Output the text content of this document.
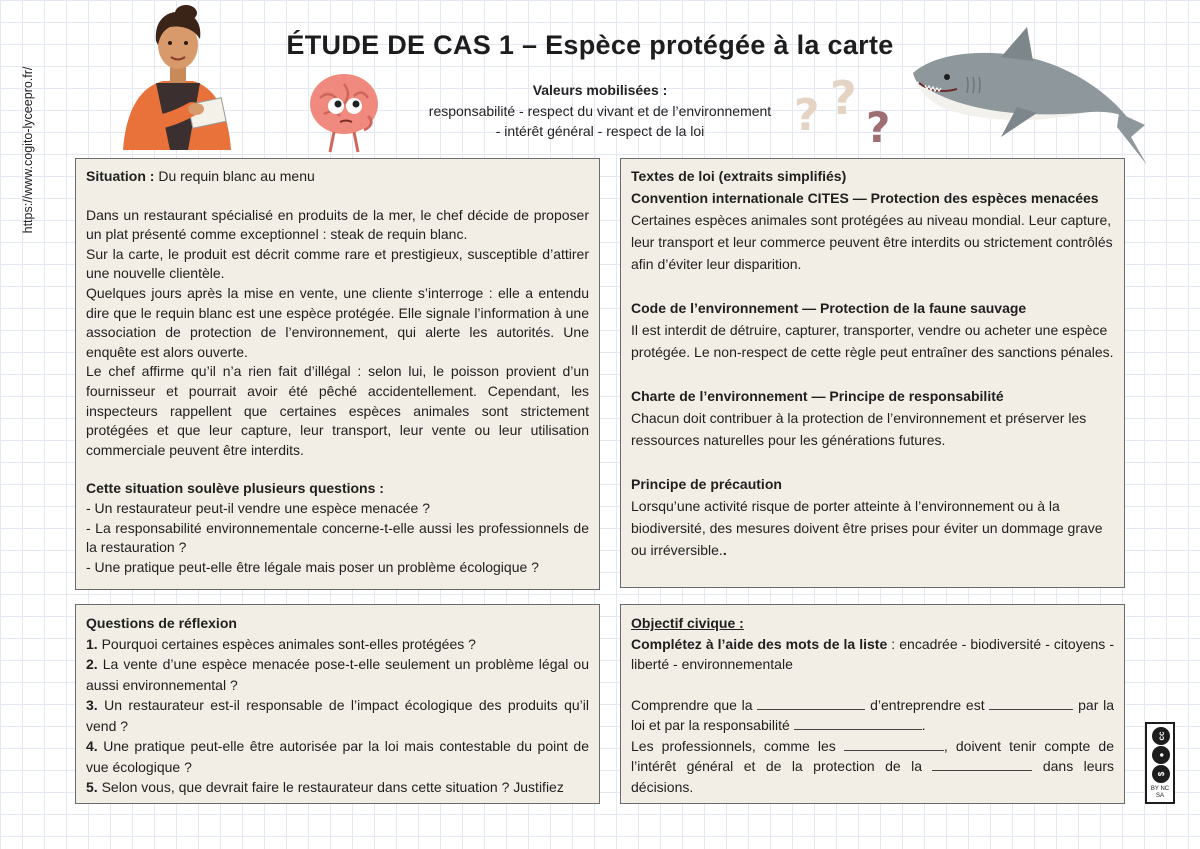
https://www.cogito-lyceepro.fr/	? ?
?
ÉTUDE DE CAS 1 – Espèce protégée à la carte
Valeurs mobilisées :
responsabilité - respect du vivant et de l’environnement
- intérêt général - respect de la loi

Situation : Du requin blanc au menu

Dans un restaurant spécialisé en produits de la mer, le chef décide de proposer un plat présenté comme exceptionnel : steak de requin blanc.

Sur la carte, le produit est décrit comme rare et prestigieux, susceptible d’attirer une nouvelle clientèle.

Quelques jours après la mise en vente, une cliente s’interroge : elle a entendu dire que le requin blanc est une espèce protégée. Elle signale l’information à une association de protection de l’environnement, qui alerte les autorités. Une enquête est alors ouverte.

Le chef affirme qu’il n’a rien fait d’illégal : selon lui, le poisson provient d’un fournisseur et pourrait avoir été pêché accidentellement. Cependant, les inspecteurs rappellent que certaines espèces animales sont strictement protégées et que leur capture, leur transport, leur vente ou leur utilisation commerciale peuvent être interdits.

Cette situation soulève plusieurs questions :

- Un restaurateur peut-il vendre une espèce menacée ?

- La responsabilité environnementale concerne-t-elle aussi les professionnels de la restauration ?

- Une pratique peut-elle être légale mais poser un problème écologique ?

Textes de loi (extraits simplifiés)

Convention internationale CITES — Protection des espèces menacées

Certaines espèces animales sont protégées au niveau mondial. Leur capture, leur transport et leur commerce peuvent être interdits ou strictement contrôlés afin d’éviter leur disparition.

Code de l’environnement — Protection de la faune sauvage

Il est interdit de détruire, capturer, transporter, vendre ou acheter une espèce protégée. Le non-respect de cette règle peut entraîner des sanctions pénales.

Charte de l’environnement — Principe de responsabilité

Chacun doit contribuer à la protection de l’environnement et préserver les ressources naturelles pour les générations futures.

Principe de précaution

Lorsqu’une activité risque de porter atteinte à l’environnement ou à la biodiversité, des mesures doivent être prises pour éviter un dommage grave ou irréversible..

Questions de réflexion

1. Pourquoi certaines espèces animales sont-elles protégées ?

2. La vente d’une espèce menacée pose-t-elle seulement un problème légal ou aussi environnemental ?

3. Un restaurateur est-il responsable de l’impact écologique des produits qu’il vend ?

4. Une pratique peut-elle être autorisée par la loi mais contestable du point de vue écologique ?

5. Selon vous, que devrait faire le restaurateur dans cette situation ? Justifiez

Objectif civique :

Complétez à l’aide des mots de la liste : encadrée - biodiversité - citoyens - liberté - environnementale

Comprendre que la	d’entreprendre est	par la loi et par la responsabilité	.

Les professionnels, comme les	, doivent tenir compte de l’intérêt général et de la protection de la	dans leurs décisions.

cc
●
$
BY NC SA
